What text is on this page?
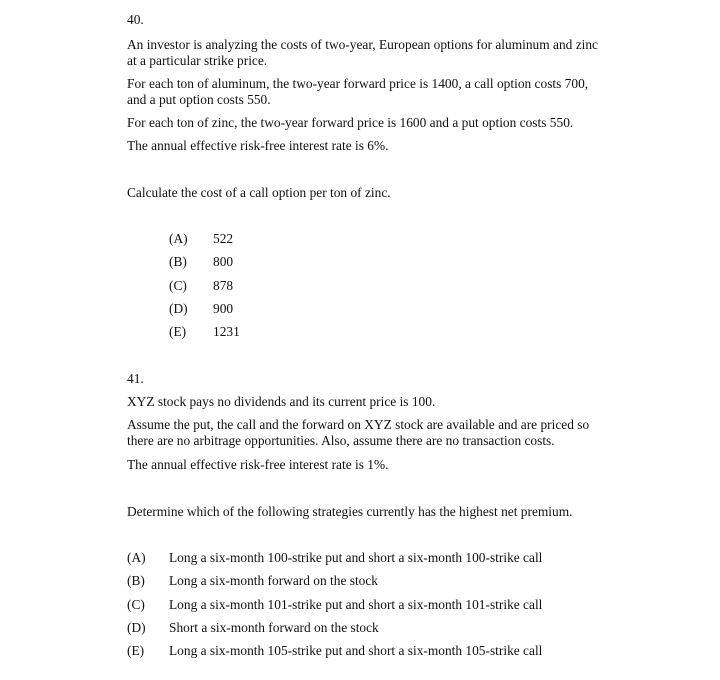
40.
An investor is analyzing the costs of two-year, European options for aluminum and zinc
at a particular strike price.
For each ton of aluminum, the two-year forward price is 1400, a call option costs 700,
and a put option costs 550.
For each ton of zinc, the two-year forward price is 1600 and a put option costs 550.
The annual effective risk-free interest rate is 6%.
Calculate the cost of a call option per ton of zinc.
(A) 522
(B) 800
(C) 878
(D) 900
(E) 1231
41.
XYZ stock pays no dividends and its current price is 100.
Assume the put, the call and the forward on XYZ stock are available and are priced so
there are no arbitrage opportunities. Also, assume there are no transaction costs.
The annual effective risk-free interest rate is 1%.
Determine which of the following strategies currently has the highest net premium.
(A) Long a six-month 100-strike put and short a six-month 100-strike call
(B) Long a six-month forward on the stock
(C) Long a six-month 101-strike put and short a six-month 101-strike call
(D) Short a six-month forward on the stock
(E) Long a six-month 105-strike put and short a six-month 105-strike call
